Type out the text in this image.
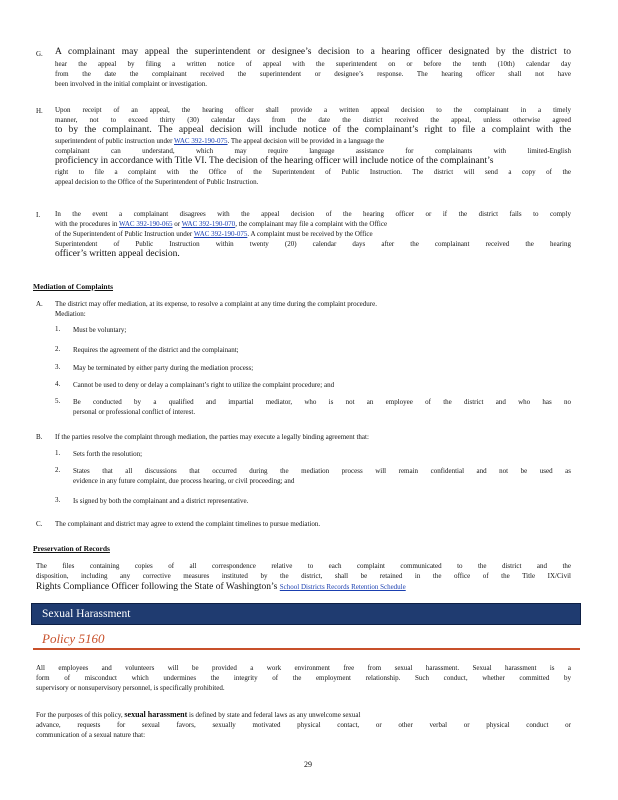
G. A complainant may appeal the superintendent or designee’s decision to a hearing officer designated by the district to
hear the appeal by filing a written notice of appeal with the superintendent on or before the tenth (10th) calendar day
from the date the complainant received the superintendent or designee’s response. The hearing officer shall not have
been involved in the initial complaint or investigation.
H. Upon receipt of an appeal, the hearing officer shall provide a written appeal decision to the complainant in a timely
manner, not to exceed thirty (30) calendar days from the date the district received the appeal, unless otherwise agreed
to by the complainant. The appeal decision will include notice of the complainant’s right to file a complaint with the
superintendent of public instruction under WAC 392-190-075. The appeal decision will be provided in a language the
complainant can understand, which may require language assistance for complainants with limited-English
proficiency in accordance with Title VI. The decision of the hearing officer will include notice of the complainant’s
right to file a complaint with the Office of the Superintendent of Public Instruction. The district will send a copy of the
appeal decision to the Office of the Superintendent of Public Instruction.
I. In the event a complainant disagrees with the appeal decision of the hearing officer or if the district fails to comply
with the procedures in WAC 392-190-065 or WAC 392-190-070, the complainant may file a complaint with the Office
of the Superintendent of Public Instruction under WAC 392-190-075. A complaint must be received by the Office
Superintendent of Public Instruction within twenty (20) calendar days after the complainant received the hearing
officer’s written appeal decision.
Mediation of Complaints
A. The district may offer mediation, at its expense, to resolve a complaint at any time during the complaint procedure.
Mediation:
1. Must be voluntary;
2. Requires the agreement of the district and the complainant;
3. May be terminated by either party during the mediation process;
4. Cannot be used to deny or delay a complainant’s right to utilize the complaint procedure; and
5. Be conducted by a qualified and impartial mediator, who is not an employee of the district and who has no
personal or professional conflict of interest.
B. If the parties resolve the complaint through mediation, the parties may execute a legally binding agreement that:
1. Sets forth the resolution;
2. States that all discussions that occurred during the mediation process will remain confidential and not be used as
evidence in any future complaint, due process hearing, or civil proceeding; and
3. Is signed by both the complainant and a district representative.
C. The complainant and district may agree to extend the complaint timelines to pursue mediation.
Preservation of Records
The files containing copies of all correspondence relative to each complaint communicated to the district and the
disposition, including any corrective measures instituted by the district, shall be retained in the office of the Title IX/Civil
Rights Compliance Officer following the State of Washington’s School Districts Records Retention Schedule
Sexual Harassment
Policy 5160
All employees and volunteers will be provided a work environment free from sexual harassment. Sexual harassment is a
form of misconduct which undermines the integrity of the employment relationship. Such conduct, whether committed by
supervisory or nonsupervisory personnel, is specifically prohibited.
For the purposes of this policy, sexual harassment is defined by state and federal laws as any unwelcome sexual
advance, requests for sexual favors, sexually motivated physical contact, or other verbal or physical conduct or
communication of a sexual nature that:
29
